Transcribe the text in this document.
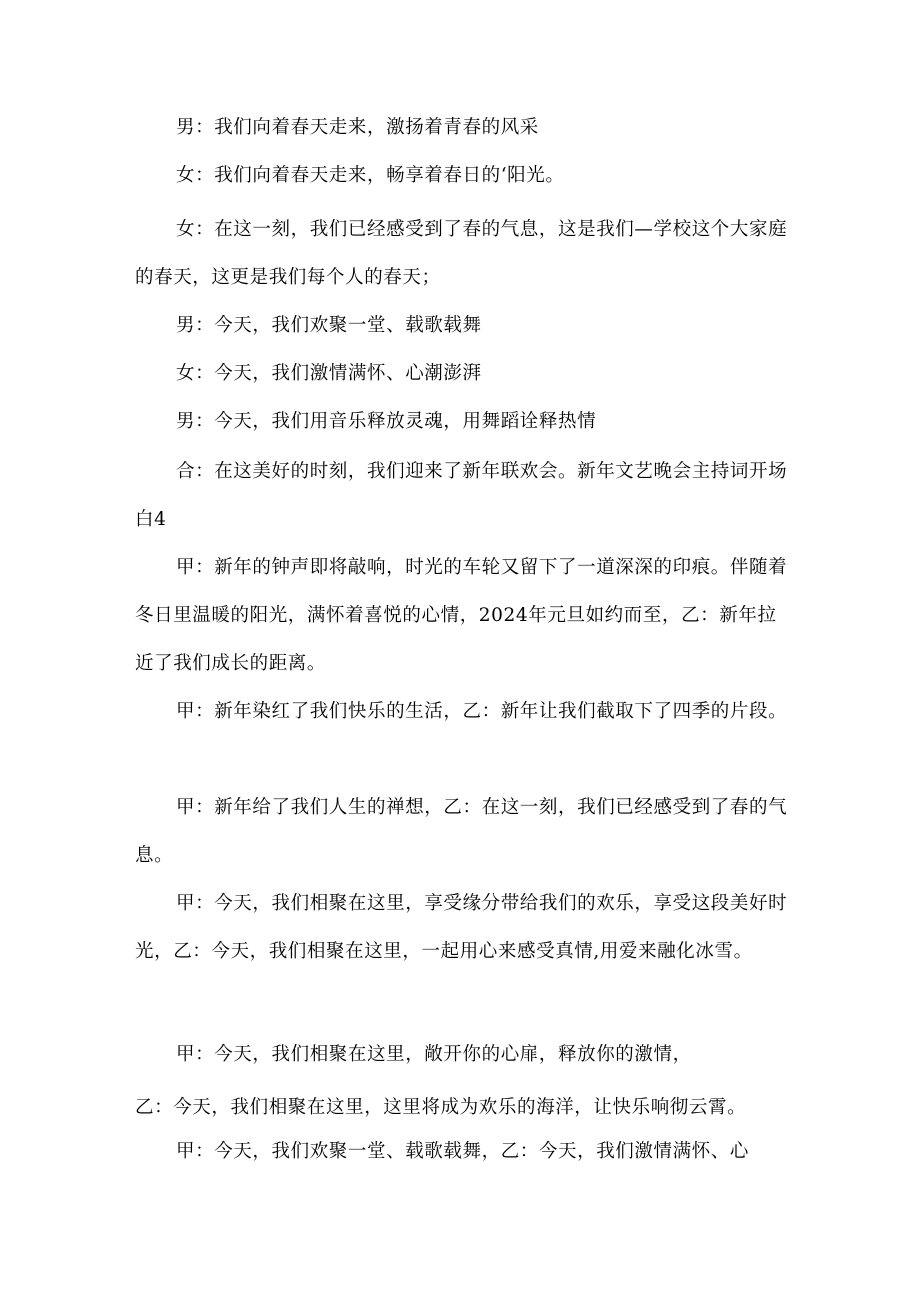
男：我们向着春天走来，激扬着青春的风采

女：我们向着春天走来，畅享着春日的‘阳光。

女：在这一刻，我们已经感受到了春的气息，这是我们—学校这个大家庭的春天，这更是我们每个人的春天；

男：今天，我们欢聚一堂、载歌载舞

女：今天，我们激情满怀、心潮澎湃

男：今天，我们用音乐释放灵魂，用舞蹈诠释热情

合：在这美好的时刻，我们迎来了新年联欢会。新年文艺晚会主持词开场白4

甲：新年的钟声即将敲响，时光的车轮又留下了一道深深的印痕。伴随着冬日里温暖的阳光，满怀着喜悦的心情，2024年元旦如约而至，乙：新年拉近了我们成长的距离。

甲：新年染红了我们快乐的生活，乙：新年让我们截取下了四季的片段。

甲：新年给了我们人生的禅想，乙：在这一刻，我们已经感受到了春的气息。

甲：今天，我们相聚在这里，享受缘分带给我们的欢乐，享受这段美好时光，乙：今天，我们相聚在这里，一起用心来感受真情,用爱来融化冰雪。

甲：今天，我们相聚在这里，敞开你的心扉，释放你的激情，

乙：今天，我们相聚在这里，这里将成为欢乐的海洋，让快乐响彻云霄。

甲：今天，我们欢聚一堂、载歌载舞，乙：今天，我们激情满怀、心
